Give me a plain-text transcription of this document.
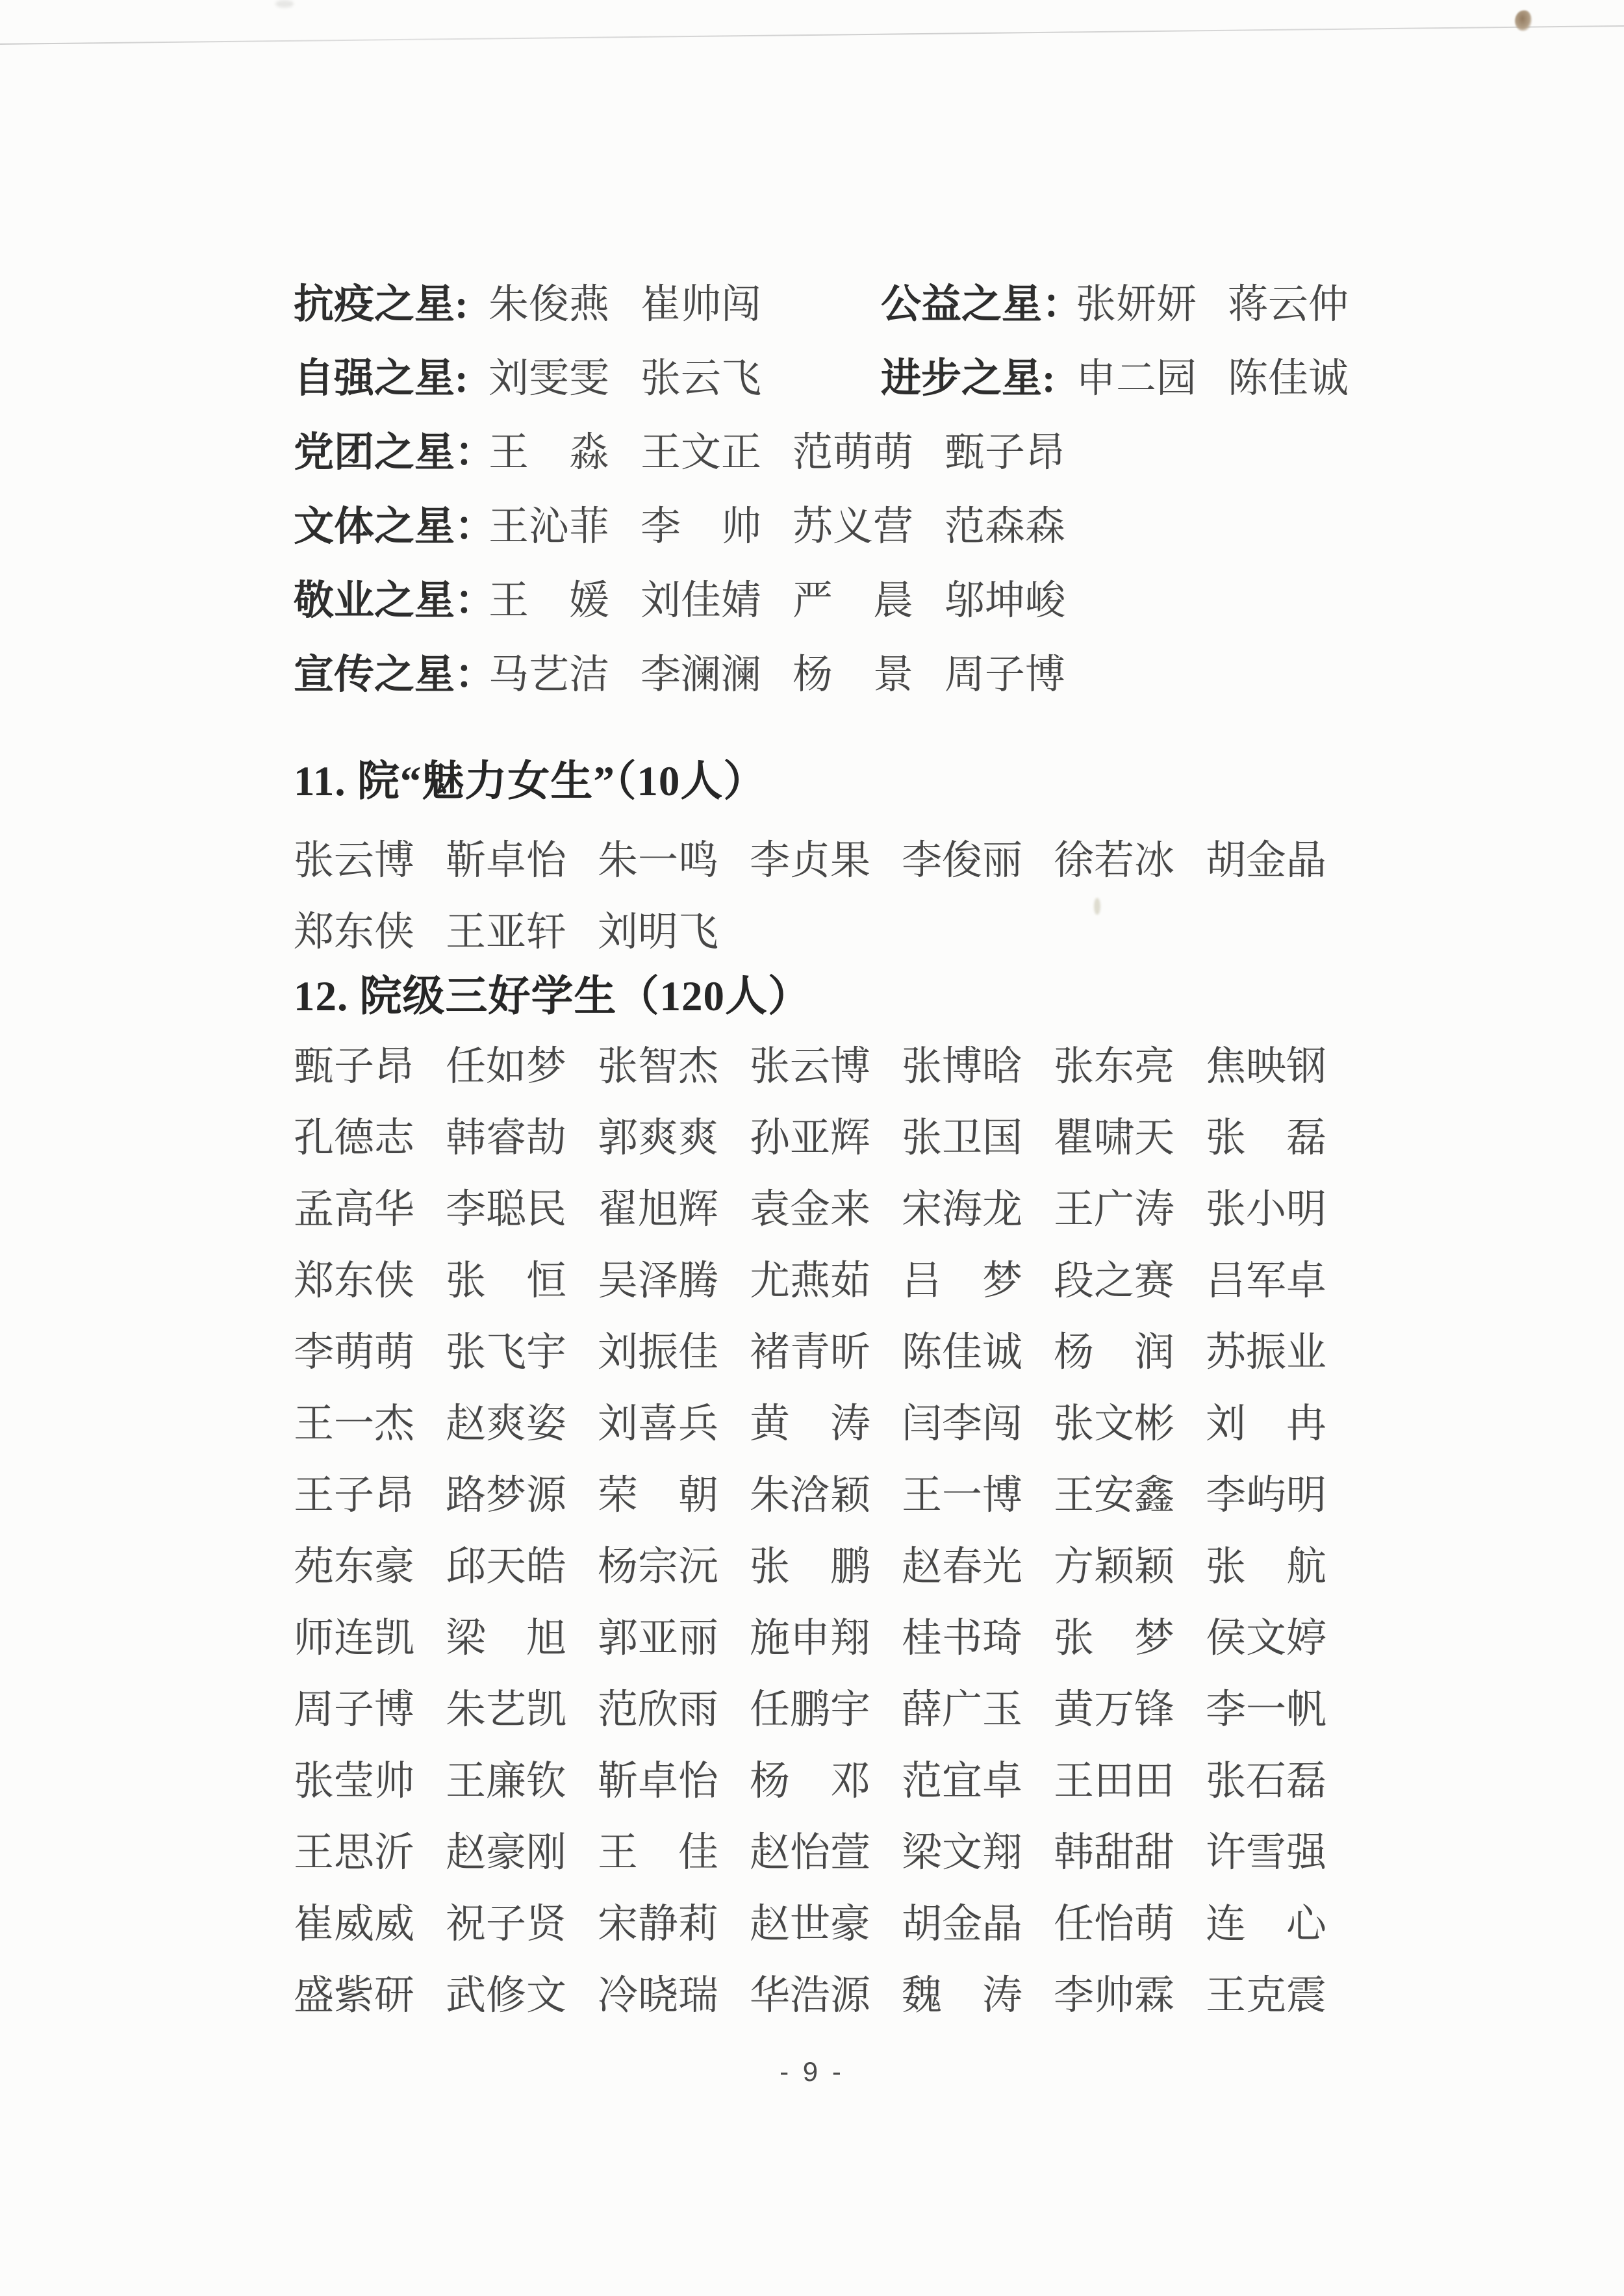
抗疫之星: 朱俊燕 崔帅闯	公益之星：
张妍妍 蒋云仲
自强之星: 刘雯雯 张云飞	进步之星: 申二园 陈佳诚
党团之星：
王　淼 王文正 范萌萌 甄子昂
文体之星：
王沁菲 李　帅 苏义营 范森森
敬业之星：
王　媛 刘佳婧 严　晨 邬坤峻
宣传之星：
马艺洁 李澜澜 杨　景 周子博
11. 院“魅力女生”（10人）
张云博 靳卓怡 朱一鸣 李贞果 李俊丽 徐若冰 胡金晶
郑东侠 王亚轩 刘明飞
12. 院级三好学生（120人）
甄子昂 任如梦 张智杰 张云博 张博晗 张东亮 焦映钢
孔德志 韩睿劼 郭爽爽 孙亚辉 张卫国 瞿啸天 张　磊
孟高华 李聪民 翟旭辉 袁金来 宋海龙 王广涛 张小明
郑东侠 张　恒 吴泽腾 尤燕茹 吕　梦 段之赛 吕军卓
李萌萌 张飞宇 刘振佳 褚青昕 陈佳诚 杨　润 苏振业
王一杰 赵爽姿 刘喜兵 黄　涛 闫李闯 张文彬 刘　冉
王子昂 路梦源 荣　朝 朱浛颖 王一博 王安鑫 李屿明
苑东豪 邱天皓 杨宗沅 张　鹏 赵春光 方颖颖 张　航
师连凯 梁　旭 郭亚丽 施申翔 桂书琦 张　梦 侯文婷
周子博 朱艺凯 范欣雨 任鹏宇 薛广玉 黄万锋 李一帆
张莹帅 王廉钦 靳卓怡 杨　邓 范宜卓 王田田 张石磊
王思沂 赵豪刚 王　佳 赵怡萱 梁文翔 韩甜甜 许雪强
崔威威 祝子贤 宋静莉 赵世豪 胡金晶 任怡萌 连　心
盛紫研 武修文 冷晓瑞 华浩源 魏　涛 李帅霖 王克震
- 9 -
